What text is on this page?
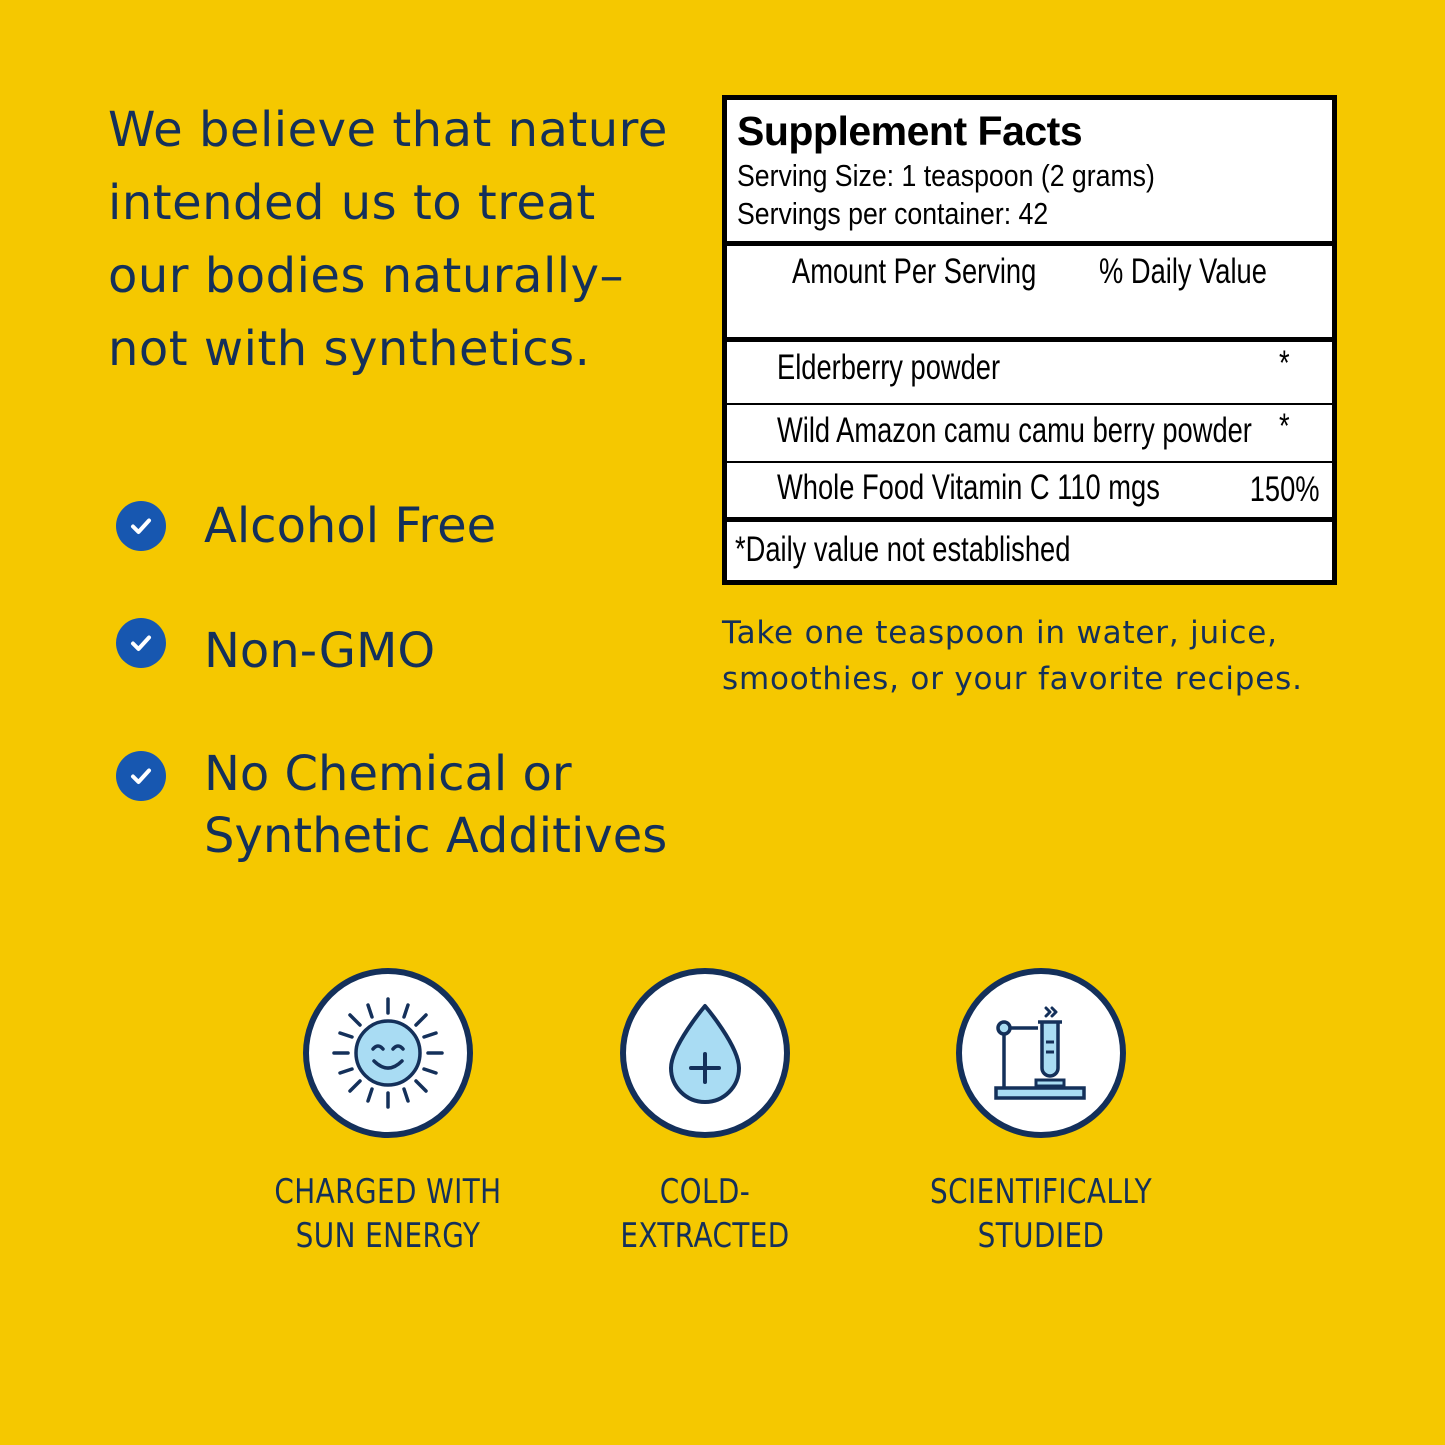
We believe that nature
intended us to treat
our bodies naturally–
not with synthetics.
Alcohol Free
Non-GMO
No Chemical or
Synthetic Additives
Supplement Facts
Serving Size: 1 teaspoon (2 grams)
Servings per container: 42
Amount Per Serving % Daily Value
Elderberry powder	*
Wild Amazon camu camu berry powder *
Whole Food Vitamin C 110 mgs	150%
*Daily value not established
Take one teaspoon in water, juice,
smoothies, or your favorite recipes.
CHARGED WITH
SUN ENERGY
COLD-
EXTRACTED
SCIENTIFICALLY
STUDIED
